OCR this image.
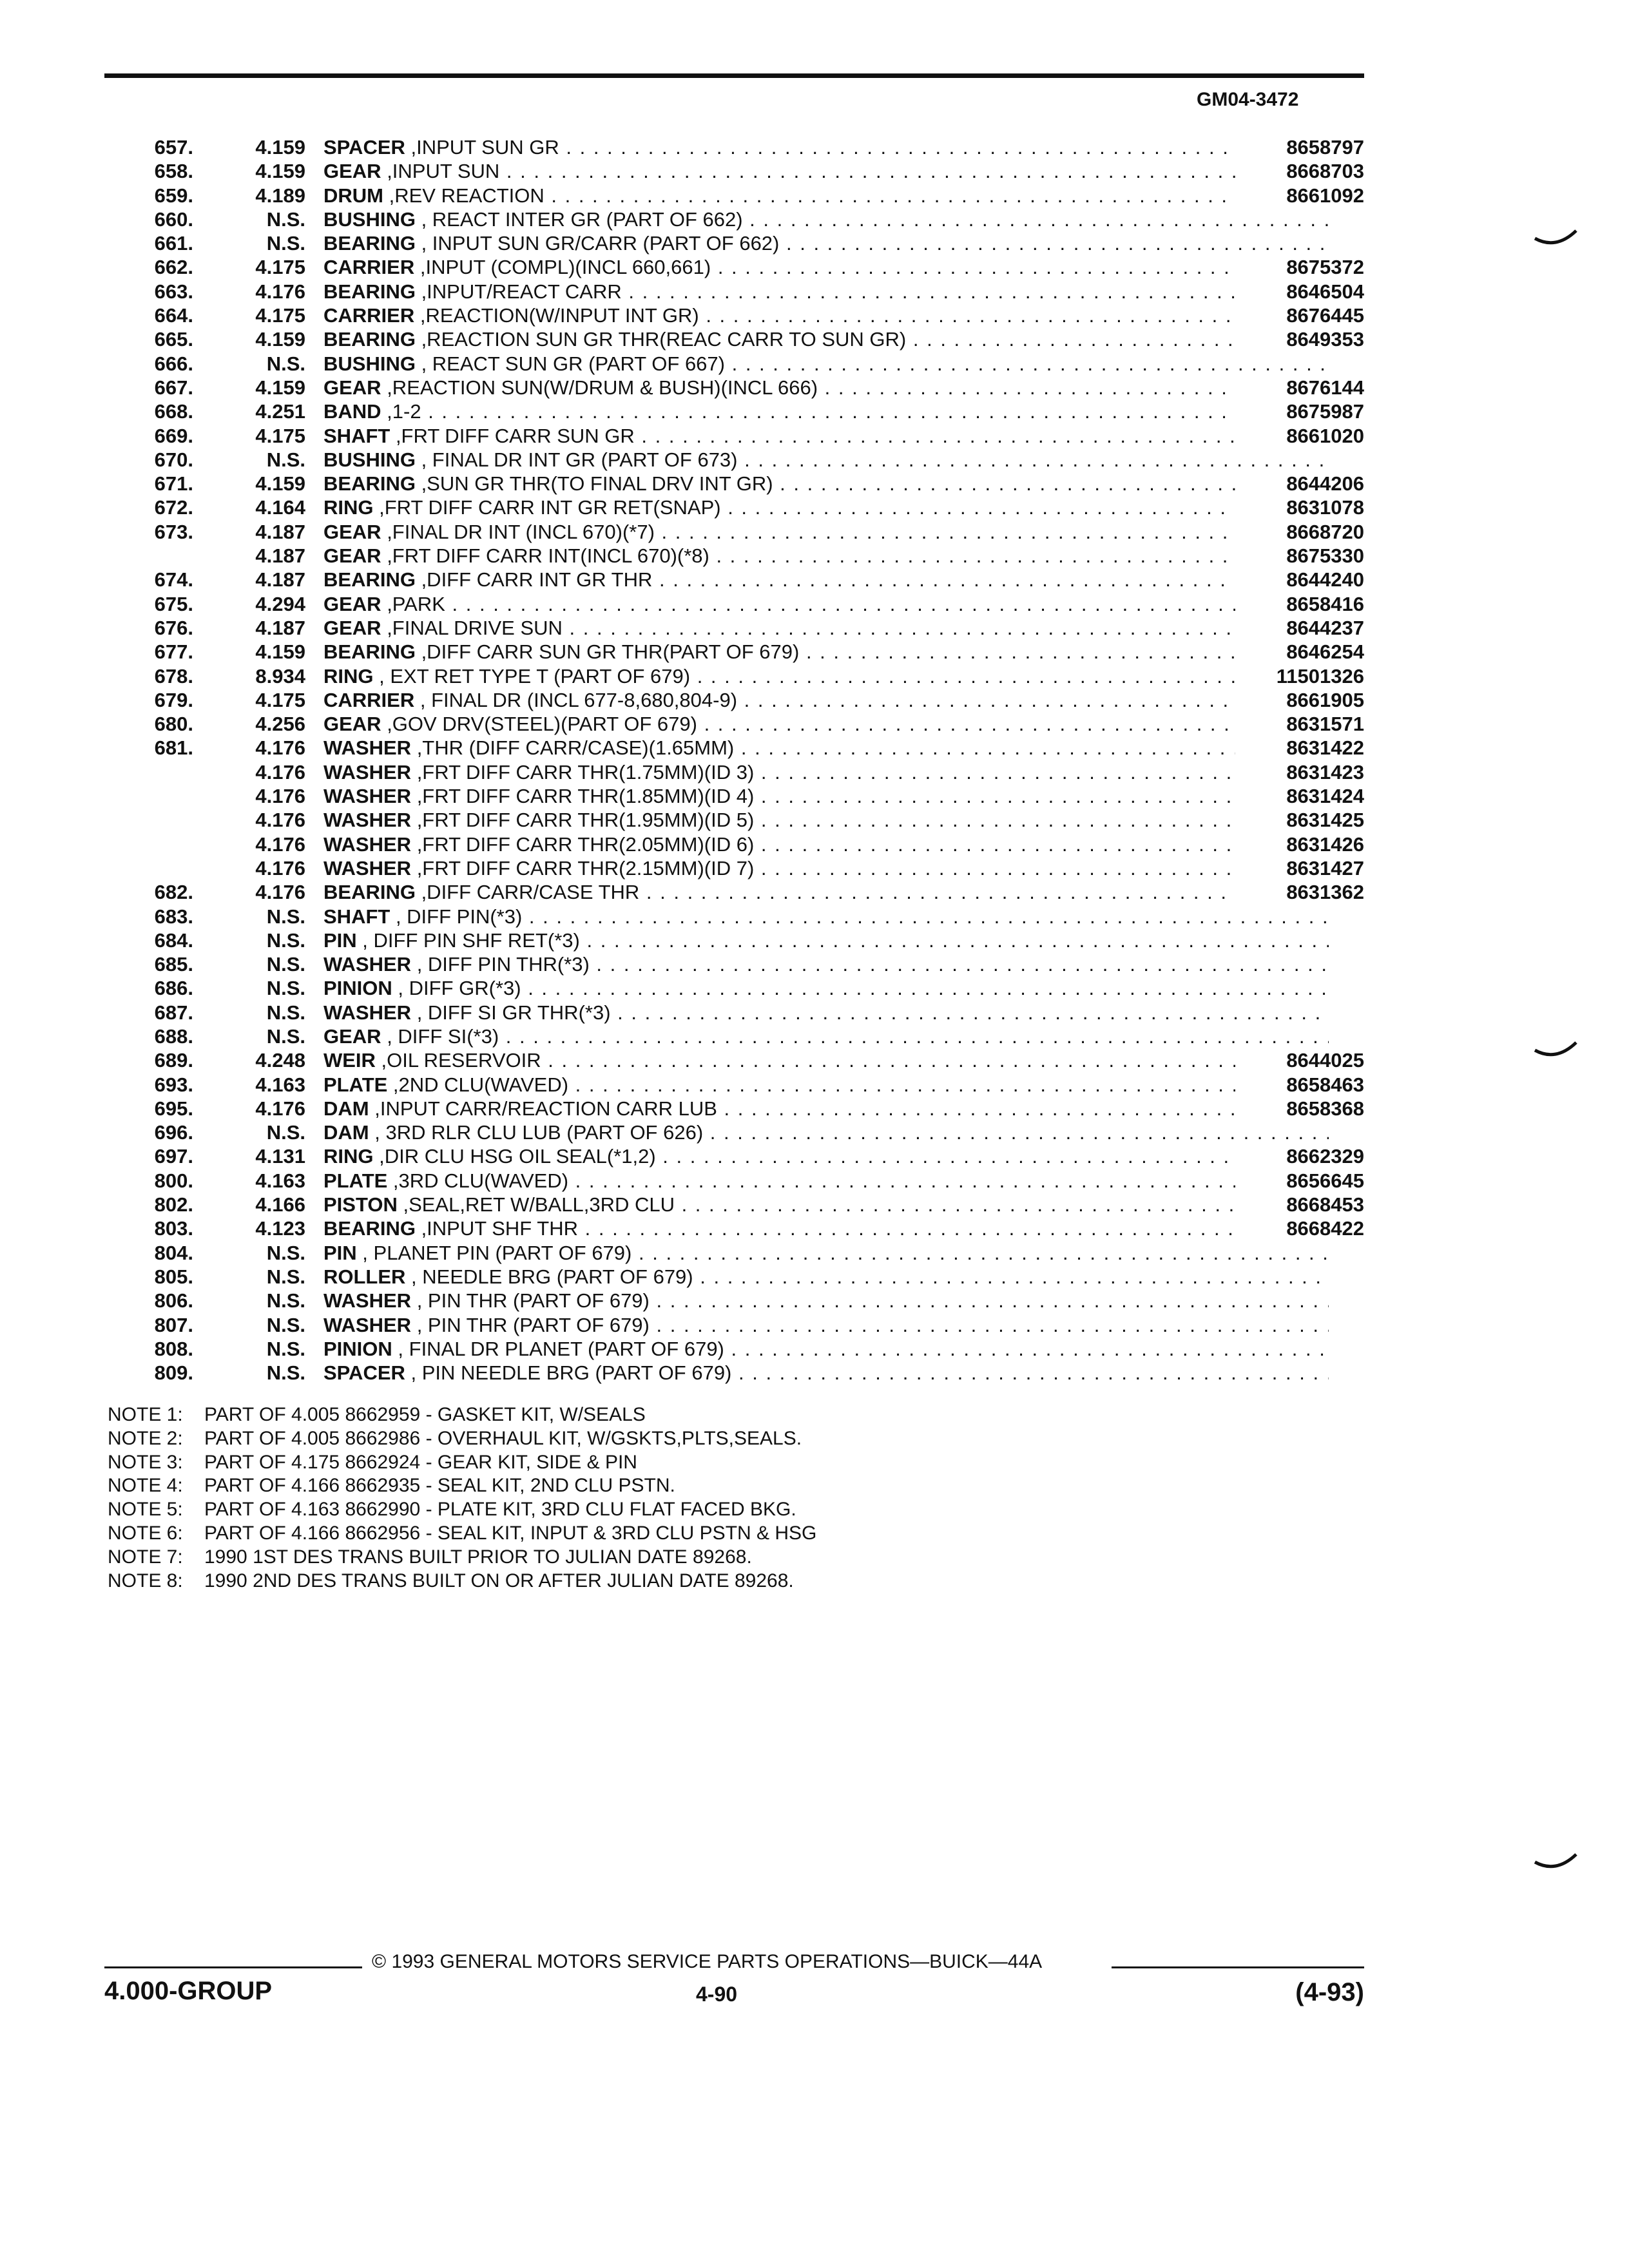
GM04-3472
657.	4.159 SPACER ,INPUT SUN GR . . .	8658797
658.	4.159 GEAR ,INPUT SUN . . .	8668703
659.	4.189 DRUM ,REV REACTION . . .	8661092
660.	N.S. BUSHING , REACT INTER GR (PART OF 662) . . .
661.	N.S. BEARING , INPUT SUN GR/CARR (PART OF 662) . . .
662.	4.175 CARRIER ,INPUT (COMPL)(INCL 660,661) . . .	8675372
663.	4.176 BEARING ,INPUT/REACT CARR . . .	8646504
664.	4.175 CARRIER ,REACTION(W/INPUT INT GR) . . .	8676445
665.	4.159 BEARING ,REACTION SUN GR THR(REAC CARR TO SUN GR) . . .	8649353
666.	N.S. BUSHING , REACT SUN GR (PART OF 667) . . .
667.	4.159 GEAR ,REACTION SUN(W/DRUM & BUSH)(INCL 666) . . .	8676144
668.	4.251 BAND ,1-2 . . .	8675987
669.	4.175 SHAFT ,FRT DIFF CARR SUN GR . . .	8661020
670.	N.S. BUSHING , FINAL DR INT GR (PART OF 673) . . .
671.	4.159 BEARING ,SUN GR THR(TO FINAL DRV INT GR) . . .	8644206
672.	4.164 RING ,FRT DIFF CARR INT GR RET(SNAP) . . .	8631078
673.	4.187 GEAR ,FINAL DR INT (INCL 670)(*7) . . .	8668720
4.187 GEAR ,FRT DIFF CARR INT(INCL 670)(*8) . . .	8675330
674.	4.187 BEARING ,DIFF CARR INT GR THR . . .	8644240
675.	4.294 GEAR ,PARK . . .	8658416
676.	4.187 GEAR ,FINAL DRIVE SUN . . .	8644237
677.	4.159 BEARING ,DIFF CARR SUN GR THR(PART OF 679) . . .	8646254
678.	8.934 RING , EXT RET TYPE T (PART OF 679) . . .	11501326
679.	4.175 CARRIER , FINAL DR (INCL 677-8,680,804-9) . . .	8661905
680.	4.256 GEAR ,GOV DRV(STEEL)(PART OF 679) . . .	8631571
681.	4.176 WASHER ,THR (DIFF CARR/CASE)(1.65MM) . . .	8631422
4.176 WASHER ,FRT DIFF CARR THR(1.75MM)(ID 3) . . .	8631423
4.176 WASHER ,FRT DIFF CARR THR(1.85MM)(ID 4) . . .	8631424
4.176 WASHER ,FRT DIFF CARR THR(1.95MM)(ID 5) . . .	8631425
4.176 WASHER ,FRT DIFF CARR THR(2.05MM)(ID 6) . . .	8631426
4.176 WASHER ,FRT DIFF CARR THR(2.15MM)(ID 7) . . .	8631427
682.	4.176 BEARING ,DIFF CARR/CASE THR . . .	8631362
683.	N.S. SHAFT , DIFF PIN(*3) . . .
684.	N.S. PIN , DIFF PIN SHF RET(*3) . . .
685.	N.S. WASHER , DIFF PIN THR(*3) . . .
686.	N.S. PINION , DIFF GR(*3) . . .
687.	N.S. WASHER , DIFF SI GR THR(*3) . . .
688.	N.S. GEAR , DIFF SI(*3) . . .
689.	4.248 WEIR ,OIL RESERVOIR . . .	8644025
693.	4.163 PLATE ,2ND CLU(WAVED) . . .	8658463
695.	4.176 DAM ,INPUT CARR/REACTION CARR LUB . . .	8658368
696.	N.S. DAM , 3RD RLR CLU LUB (PART OF 626) . . .
697.	4.131 RING ,DIR CLU HSG OIL SEAL(*1,2) . . .	8662329
800.	4.163 PLATE ,3RD CLU(WAVED) . . .	8656645
802.	4.166 PISTON ,SEAL,RET W/BALL,3RD CLU . . .	8668453
803.	4.123 BEARING ,INPUT SHF THR . . .	8668422
804.	N.S. PIN , PLANET PIN (PART OF 679) . . .
805.	N.S. ROLLER , NEEDLE BRG (PART OF 679) . . .
806.	N.S. WASHER , PIN THR (PART OF 679) . . .
807.	N.S. WASHER , PIN THR (PART OF 679) . . .
808.	N.S. PINION , FINAL DR PLANET (PART OF 679) . . .
809.	N.S. SPACER , PIN NEEDLE BRG (PART OF 679) . . .
NOTE 1: PART OF 4.005 8662959 - GASKET KIT, W/SEALS
NOTE 2: PART OF 4.005 8662986 - OVERHAUL KIT, W/GSKTS,PLTS,SEALS.
NOTE 3: PART OF 4.175 8662924 - GEAR KIT, SIDE & PIN
NOTE 4: PART OF 4.166 8662935 - SEAL KIT, 2ND CLU PSTN.
NOTE 5: PART OF 4.163 8662990 - PLATE KIT, 3RD CLU FLAT FACED BKG.
NOTE 6: PART OF 4.166 8662956 - SEAL KIT, INPUT & 3RD CLU PSTN & HSG
NOTE 7: 1990 1ST DES TRANS BUILT PRIOR TO JULIAN DATE 89268.
NOTE 8: 1990 2ND DES TRANS BUILT ON OR AFTER JULIAN DATE 89268.
© 1993 GENERAL MOTORS SERVICE PARTS OPERATIONS—BUICK—44A
4.000-GROUP	4-90	(4-93)
